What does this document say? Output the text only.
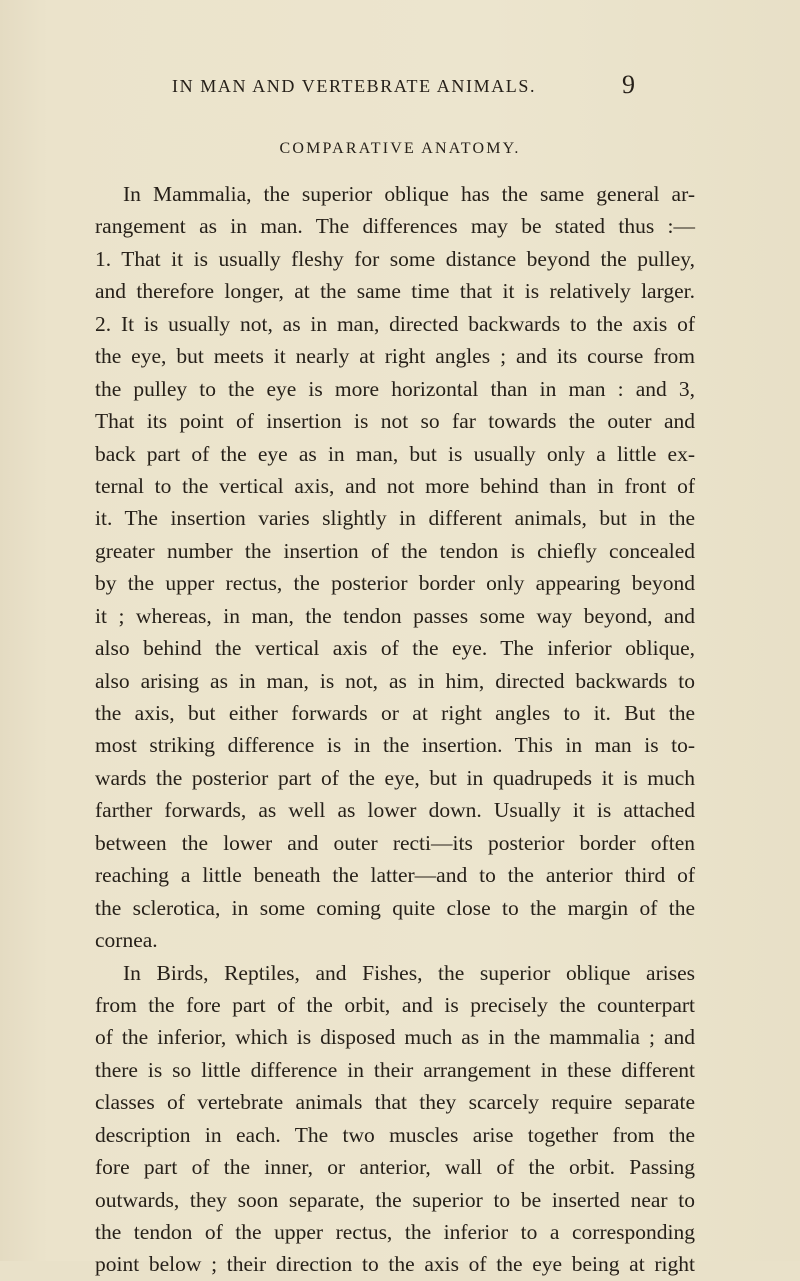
IN MAN AND VERTEBRATE ANIMALS.	9
COMPARATIVE ANATOMY.
In Mammalia, the superior oblique has the same general ar-
rangement as in man. The differences may be stated thus :—
1. That it is usually fleshy for some distance beyond the pulley,
and therefore longer, at the same time that it is relatively larger.
2. It is usually not, as in man, directed backwards to the axis of
the eye, but meets it nearly at right angles ; and its course from
the pulley to the eye is more horizontal than in man : and 3,
That its point of insertion is not so far towards the outer and
back part of the eye as in man, but is usually only a little ex-
ternal to the vertical axis, and not more behind than in front of
it. The insertion varies slightly in different animals, but in the
greater number the insertion of the tendon is chiefly concealed
by the upper rectus, the posterior border only appearing beyond
it ; whereas, in man, the tendon passes some way beyond, and
also behind the vertical axis of the eye. The inferior oblique,
also arising as in man, is not, as in him, directed backwards to
the axis, but either forwards or at right angles to it. But the
most striking difference is in the insertion. This in man is to-
wards the posterior part of the eye, but in quadrupeds it is much
farther forwards, as well as lower down. Usually it is attached
between the lower and outer recti—its posterior border often
reaching a little beneath the latter—and to the anterior third of
the sclerotica, in some coming quite close to the margin of the
cornea.
In Birds, Reptiles, and Fishes, the superior oblique arises
from the fore part of the orbit, and is precisely the counterpart
of the inferior, which is disposed much as in the mammalia ; and
there is so little difference in their arrangement in these different
classes of vertebrate animals that they scarcely require separate
description in each. The two muscles arise together from the
fore part of the inner, or anterior, wall of the orbit. Passing
outwards, they soon separate, the superior to be inserted near to
the tendon of the upper rectus, the inferior to a corresponding
point below ; their direction to the axis of the eye being at right
